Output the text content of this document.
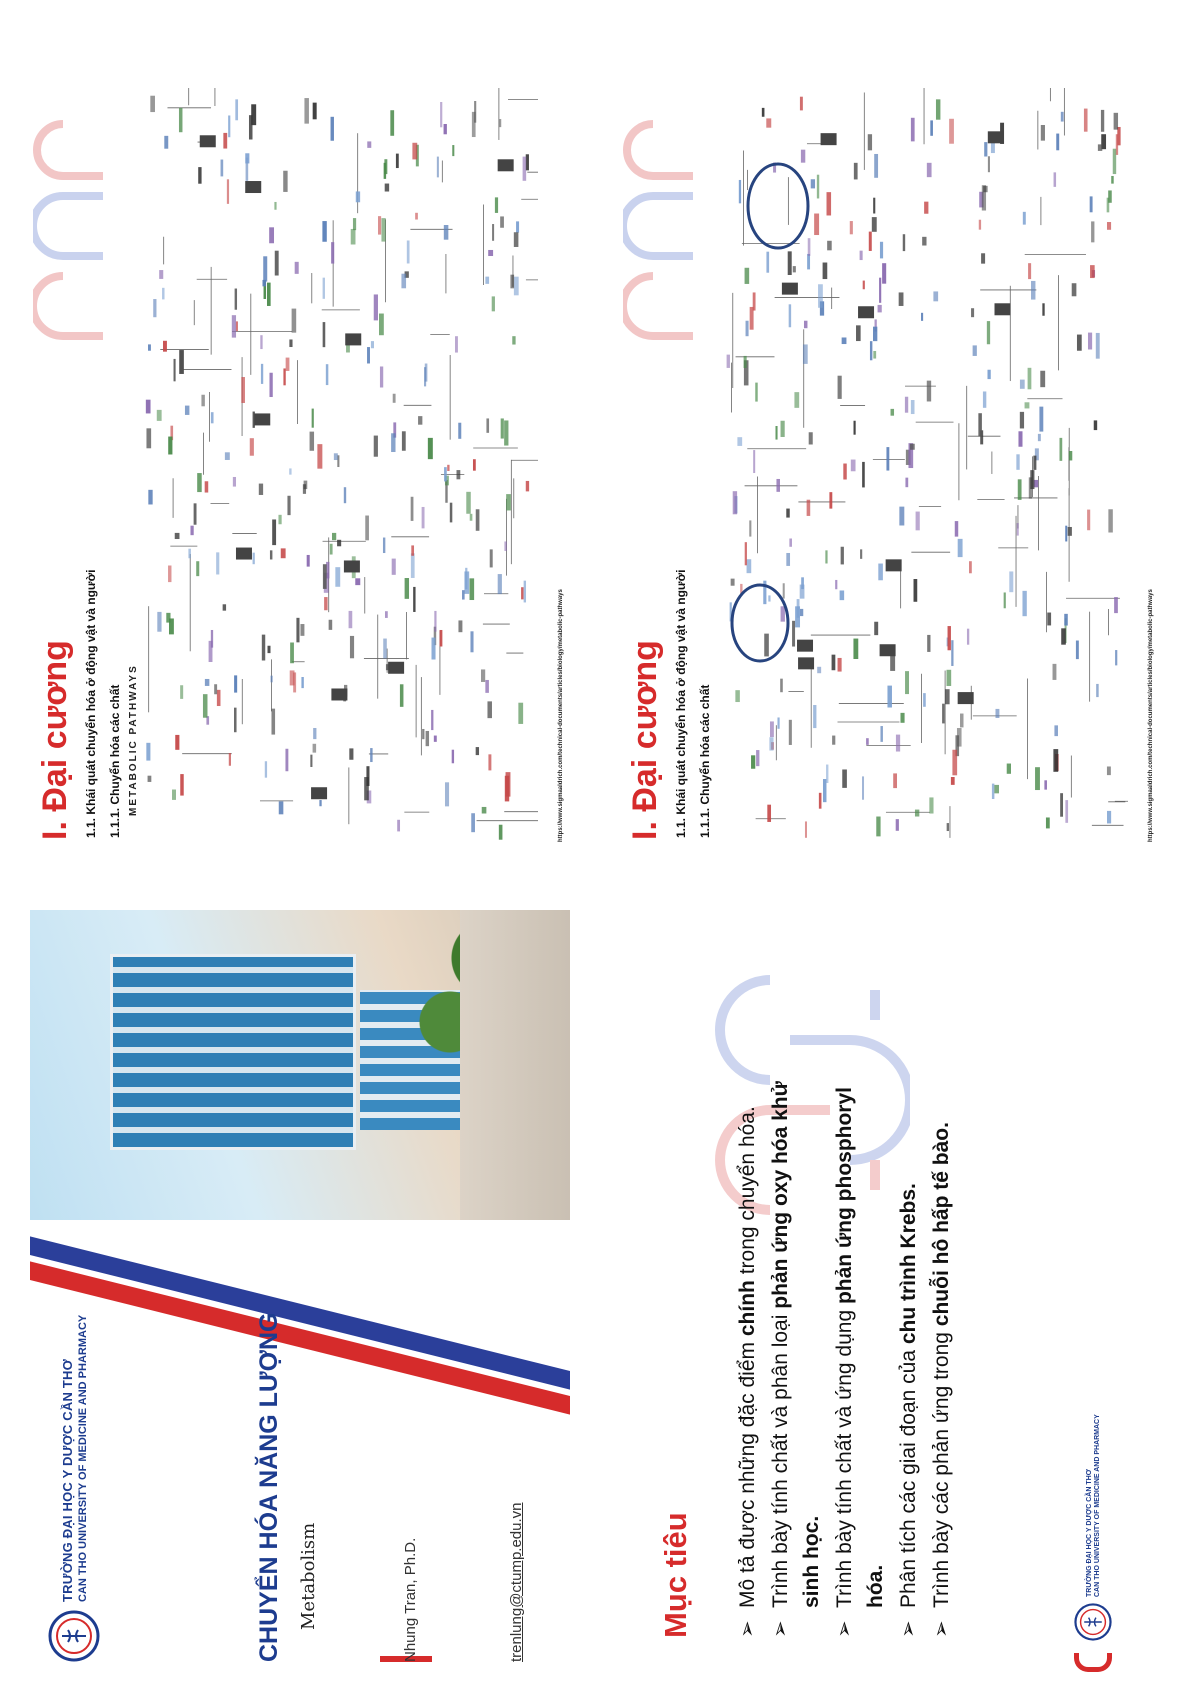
TRƯỜNG ĐẠI HỌC Y DƯỢC CẦN THƠ CAN THO UNIVERSITY OF MEDICINE AND PHARMACY	CHUYỂN HÓA NĂNG LƯỢNG Metabolism	Nhung Tran, Ph.D.	trenlung@ctump.edu.vn
I. Đại cương 1.1. Khái quát chuyển hóa ở động vật và người 1.1.1. Chuyển hóa các chất METABOLIC PATHWAYS	https://www.sigmaaldrich.com/technical-documents/articles/biology/metabolic-pathways
Mục tiêu ➢
Mô tả được những đặc điểm chính trong chuyển hóa.
➢
Trình bày tính chất và phân loại phản ứng oxy hóa khử sinh học.
➢
Trình bày tính chất và ứng dụng phản ứng phosphoryl hóa.
➢
Phân tích các giai đoạn của chu trình Krebs.
➢
Trình bày các phản ứng trong chuỗi hô hấp tế bào.
TRƯỜNG ĐẠI HỌC Y DƯỢC CẦN THƠ CAN THO UNIVERSITY OF MEDICINE AND PHARMACY
I. Đại cương 1.1. Khái quát chuyển hóa ở động vật và người 1.1.1. Chuyển hóa các chất	https://www.sigmaaldrich.com/technical-documents/articles/biology/metabolic-pathways
